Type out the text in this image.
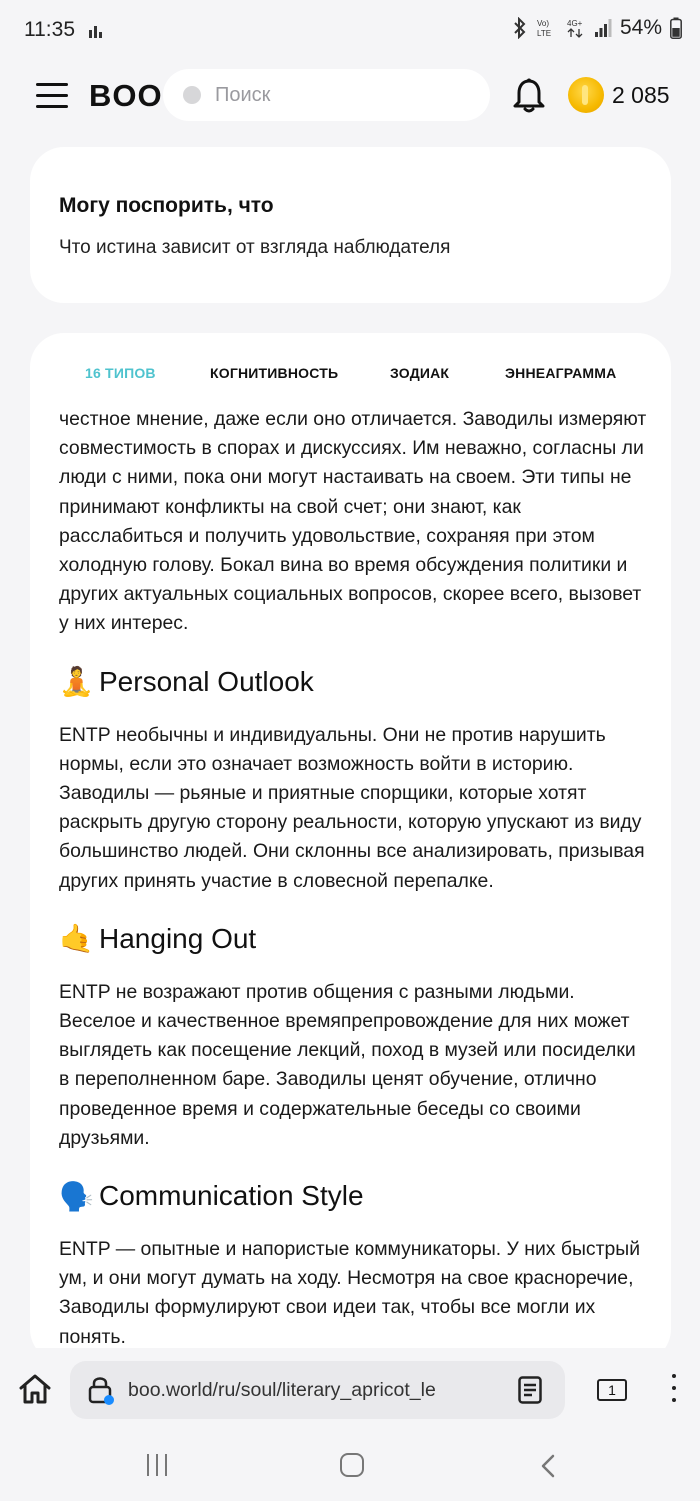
11:35	Vo)
LTE
4G+ 54%
BOO
Поиск	2 085
Могу поспорить, что
Что истина зависит от взгляда наблюдателя
16 ТИПОВ	КОГНИТИВНОСТЬ	ЗОДИАК	ЭННЕАГРАММА

честное мнение, даже если оно отличается. Заводилы измеряют совместимость в спорах и дискуссиях. Им неважно, согласны ли люди с ними, пока они могут настаивать на своем. Эти типы не принимают конфликты на свой счет; они знают, как расслабиться и получить удовольствие, сохраняя при этом холодную голову. Бокал вина во время обсуждения политики и других актуальных социальных вопросов, скорее всего, вызовет у них интерес.

🧘 Personal Outlook

ENTP необычны и индивидуальны. Они не против нарушить нормы, если это означает возможность войти в историю. Заводилы — рьяные и приятные спорщики, которые хотят раскрыть другую сторону реальности, которую упускают из виду большинство людей. Они склонны все анализировать, призывая других принять участие в словесной перепалке.

🤙 Hanging Out

ENTP не возражают против общения с разными людьми. Веселое и качественное времяпрепровождение для них может выглядеть как посещение лекций, поход в музей или посиделки в переполненном баре. Заводилы ценят обучение, отлично проведенное время и содержательные беседы со своими друзьями.

🗣️ Communication Style

ENTP — опытные и напористые коммуникаторы. У них быстрый ум, и они могут думать на ходу. Несмотря на свое красноречие, Заводилы формулируют свои идеи так, чтобы все могли их понять.

boo.world/ru/soul/literary_apricot_le	1
